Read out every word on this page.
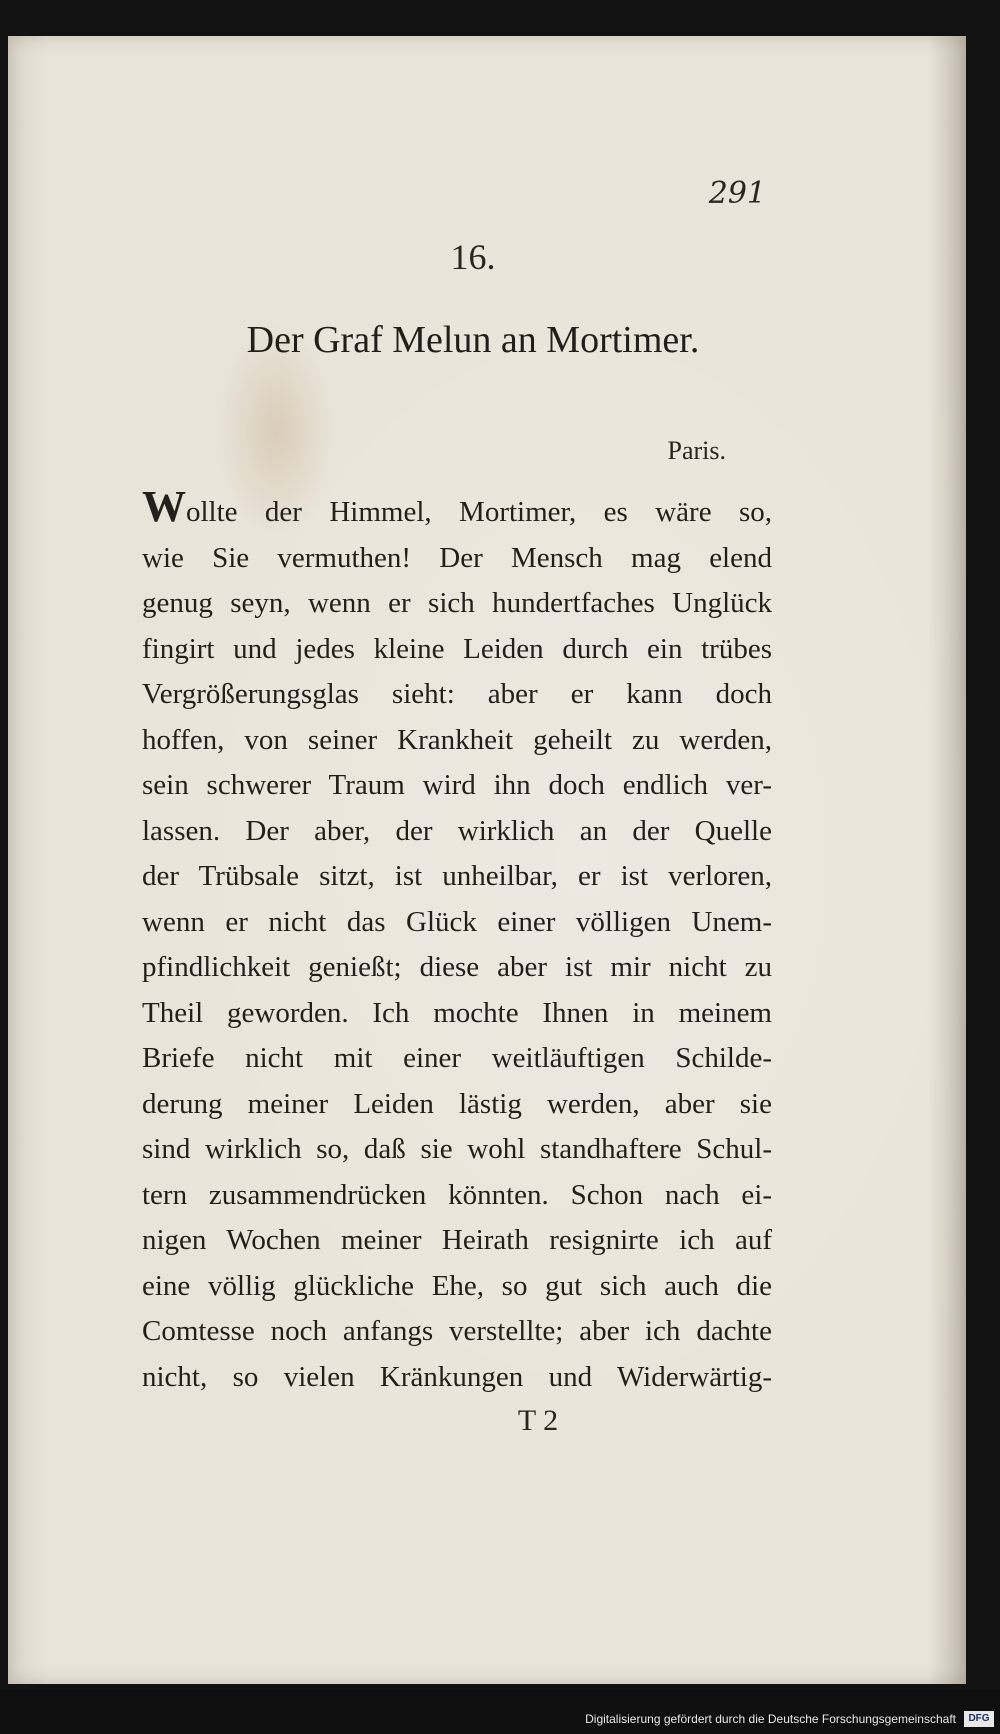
291
16.
Der Graf Melun an Mortimer.
Paris.
Wollte der Himmel, Mortimer, es wäre so,
wie Sie vermuthen! Der Mensch mag elend
genug seyn, wenn er sich hundertfaches Unglück
fingirt und jedes kleine Leiden durch ein trübes
Vergrößerungsglas sieht: aber er kann doch
hoffen, von seiner Krankheit geheilt zu werden,
sein schwerer Traum wird ihn doch endlich ver-
lassen. Der aber, der wirklich an der Quelle
der Trübsale sitzt, ist unheilbar, er ist verloren,
wenn er nicht das Glück einer völligen Unem-
pfindlichkeit genießt; diese aber ist mir nicht zu
Theil geworden. Ich mochte Ihnen in meinem
Briefe nicht mit einer weitläuftigen Schilde-
derung meiner Leiden lästig werden, aber sie
sind wirklich so, daß sie wohl standhaftere Schul-
tern zusammendrücken könnten. Schon nach ei-
nigen Wochen meiner Heirath resignirte ich auf
eine völlig glückliche Ehe, so gut sich auch die
Comtesse noch anfangs verstellte; aber ich dachte
nicht, so vielen Kränkungen und Widerwärtig-
T 2
Digitalisierung gefördert durch die Deutsche Forschungsgemeinschaft	DFG
